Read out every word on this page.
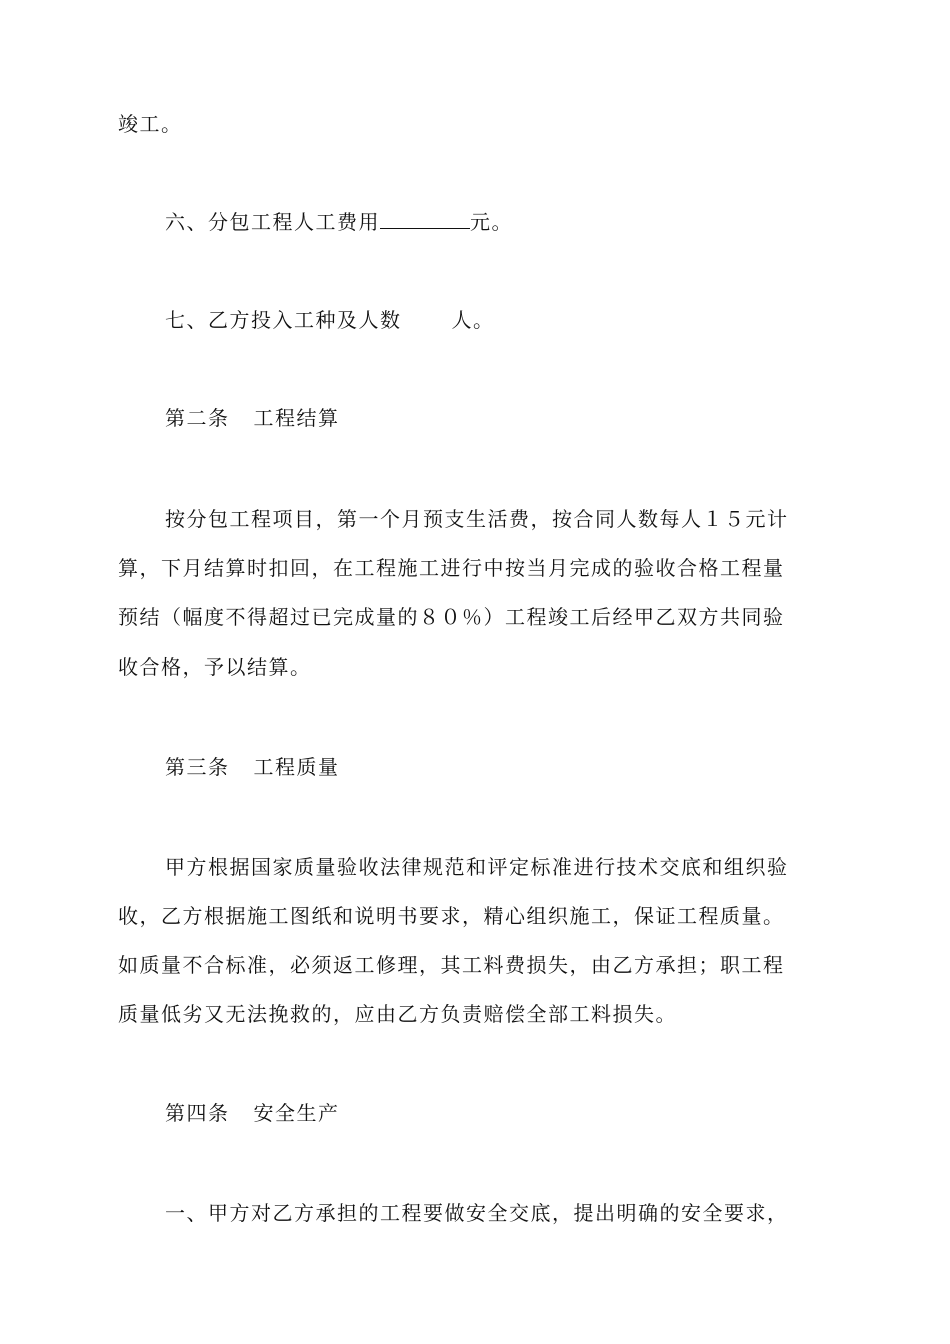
竣工。
六、分包工程人工费用	元。
七、乙方投入工种及人数	人。
第二条 工程结算
按分包工程项目，第一个月预支生活费，按合同人数每人１５元计
算，下月结算时扣回，在工程施工进行中按当月完成的验收合格工程量
预结（幅度不得超过已完成量的８０％）工程竣工后经甲乙双方共同验
收合格，予以结算。
第三条 工程质量
甲方根据国家质量验收法律规范和评定标准进行技术交底和组织验
收，乙方根据施工图纸和说明书要求，精心组织施工，保证工程质量。
如质量不合标准，必须返工修理，其工料费损失，由乙方承担；职工程
质量低劣又无法挽救的，应由乙方负责赔偿全部工料损失。
第四条 安全生产
一、甲方对乙方承担的工程要做安全交底，提出明确的安全要求，
